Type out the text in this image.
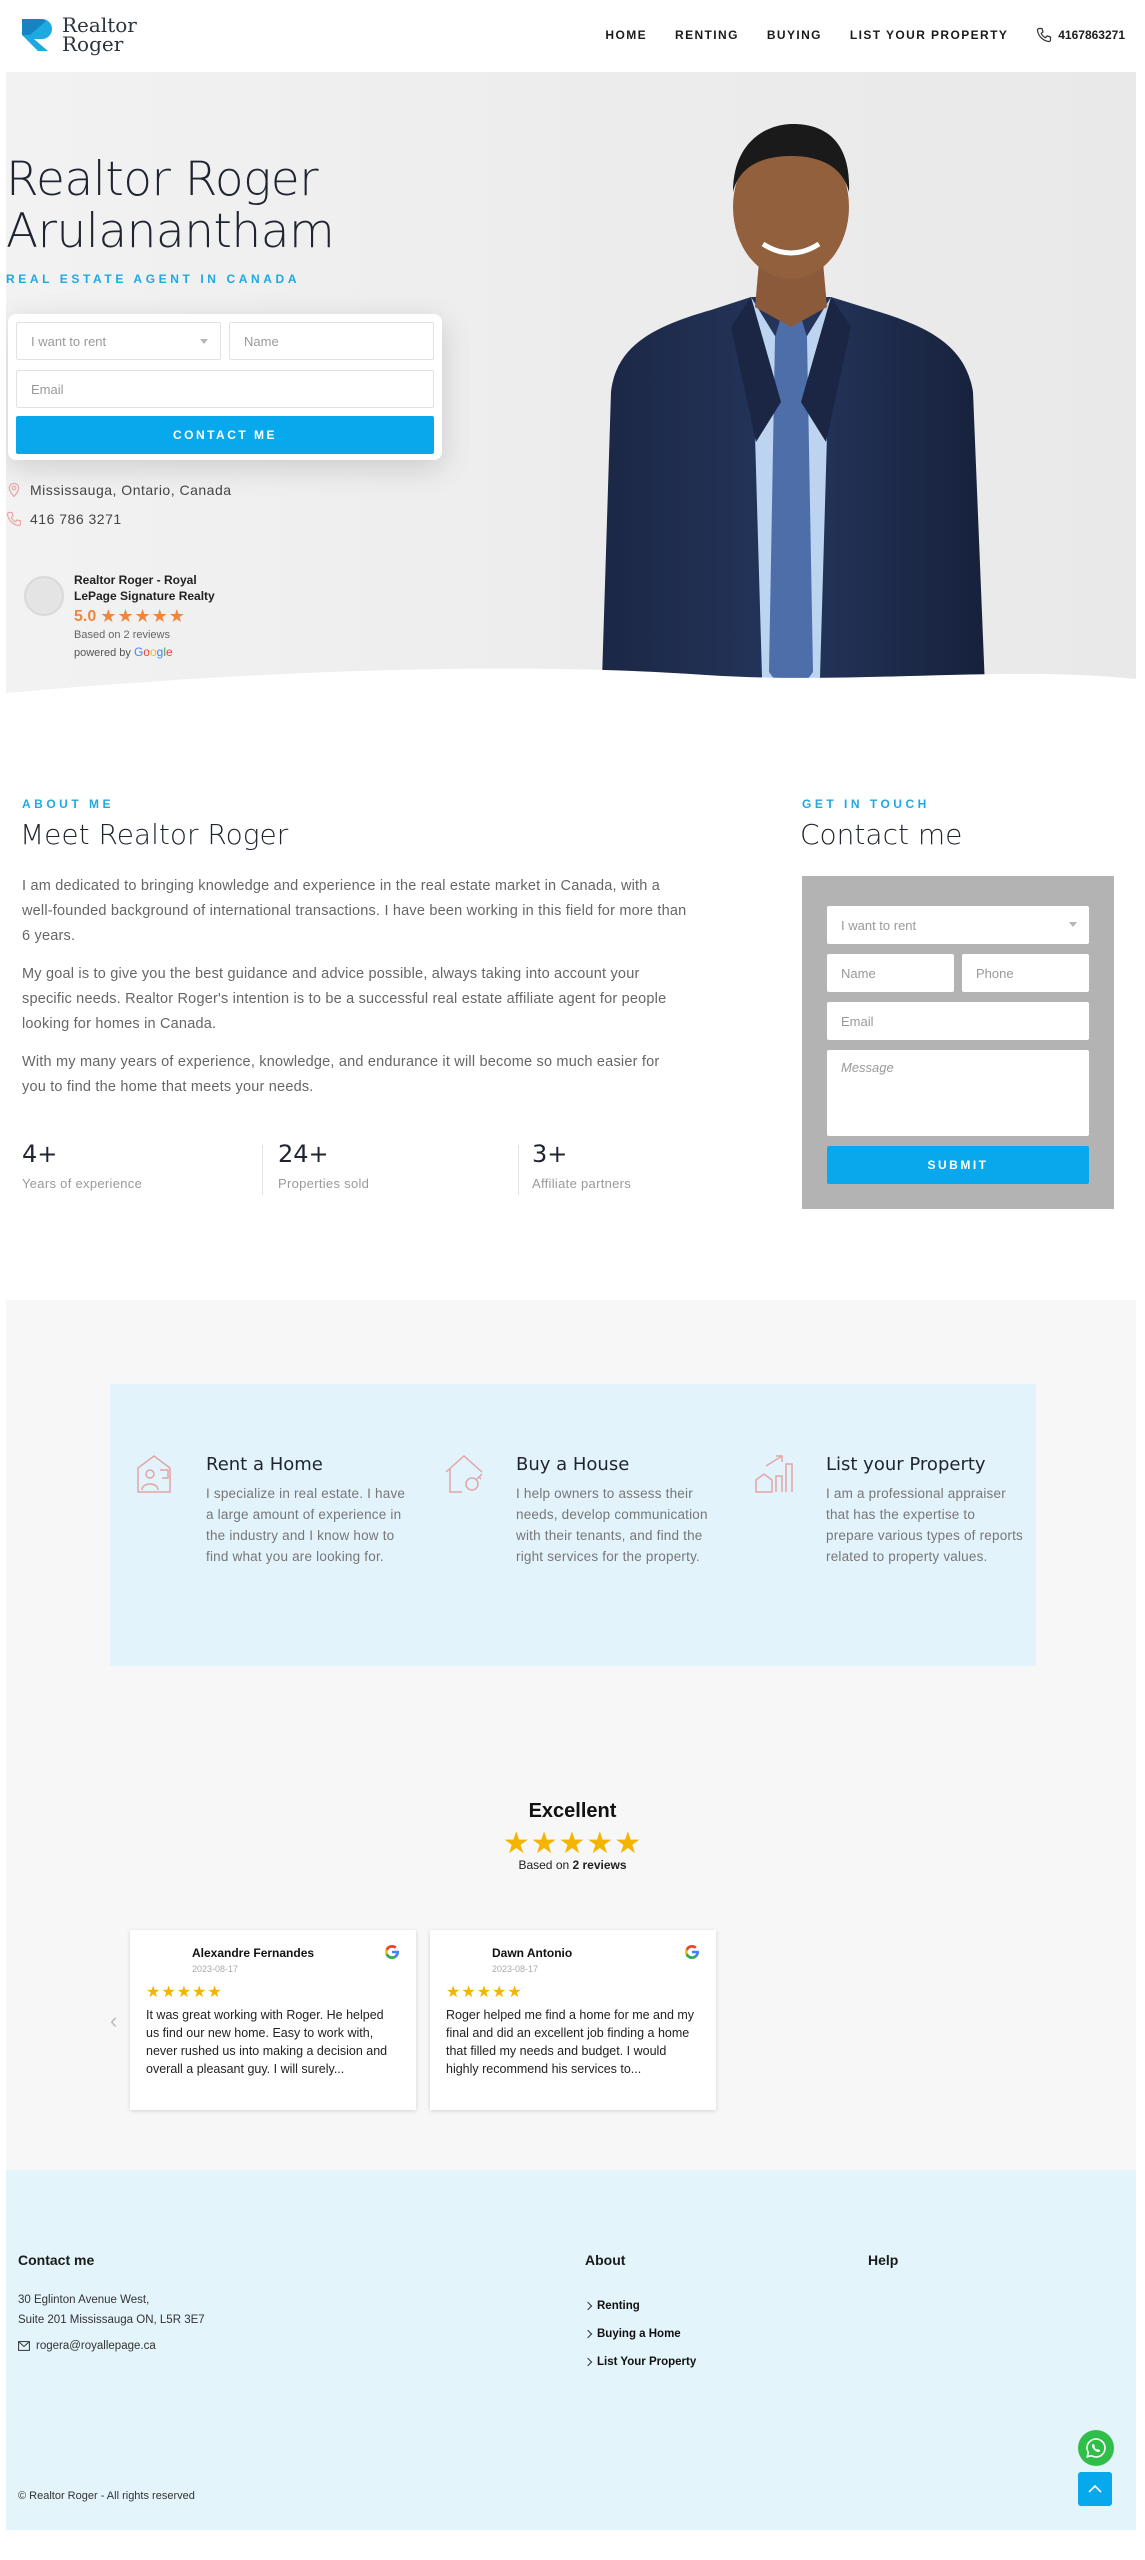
Realtor
Roger	HOME RENTING BUYING LIST YOUR PROPERTY	4167863271
Realtor Roger
Arulanantham
REAL ESTATE AGENT IN CANADA
I want to rent	Name
Email
CONTACT ME
Mississauga, Ontario, Canada
416 786 3271
Realtor Roger - Royal LePage Signature Realty
5.0 ★★★★★
Based on 2 reviews
powered by Google
ABOUT ME
Meet Realtor Roger
I am dedicated to bringing knowledge and experience in the real estate market in Canada, with a well-founded background of international transactions. I have been working in this field for more than 6 years.
My goal is to give you the best guidance and advice possible, always taking into account your specific needs. Realtor Roger's intention is to be a successful real estate affiliate agent for people looking for homes in Canada.
With my many years of experience, knowledge, and endurance it will become so much easier for you to find the home that meets your needs.
4+
Years of experience
24+
Properties sold
3+
Affiliate partners
GET IN TOUCH
Contact me
I want to rent
Name	Phone
Email
Message
SUBMIT
Rent a Home
I specialize in real estate. I have a large amount of experience in the industry and I know how to find what you are looking for.
Buy a House
I help owners to assess their needs, develop communication with their tenants, and find the right services for the property.
List your Property
I am a professional appraiser that has the expertise to prepare various types of reports related to property values.
Excellent
★★★★★
Based on 2 reviews
‹
Alexandre Fernandes
2023-08-17
★★★★★
It was great working with Roger. He helped us find our new home. Easy to work with, never rushed us into making a decision and overall a pleasant guy. I will surely...
Dawn Antonio
2023-08-17
★★★★★
Roger helped me find a home for me and my final and did an excellent job finding a home that filled my needs and budget. I would highly recommend his services to...
Contact me
30 Eglinton Avenue West,
Suite 201 Mississauga ON, L5R 3E7
rogera@royallepage.ca
About
Renting
Buying a Home
List Your Property
Help
© Realtor Roger - All rights reserved
